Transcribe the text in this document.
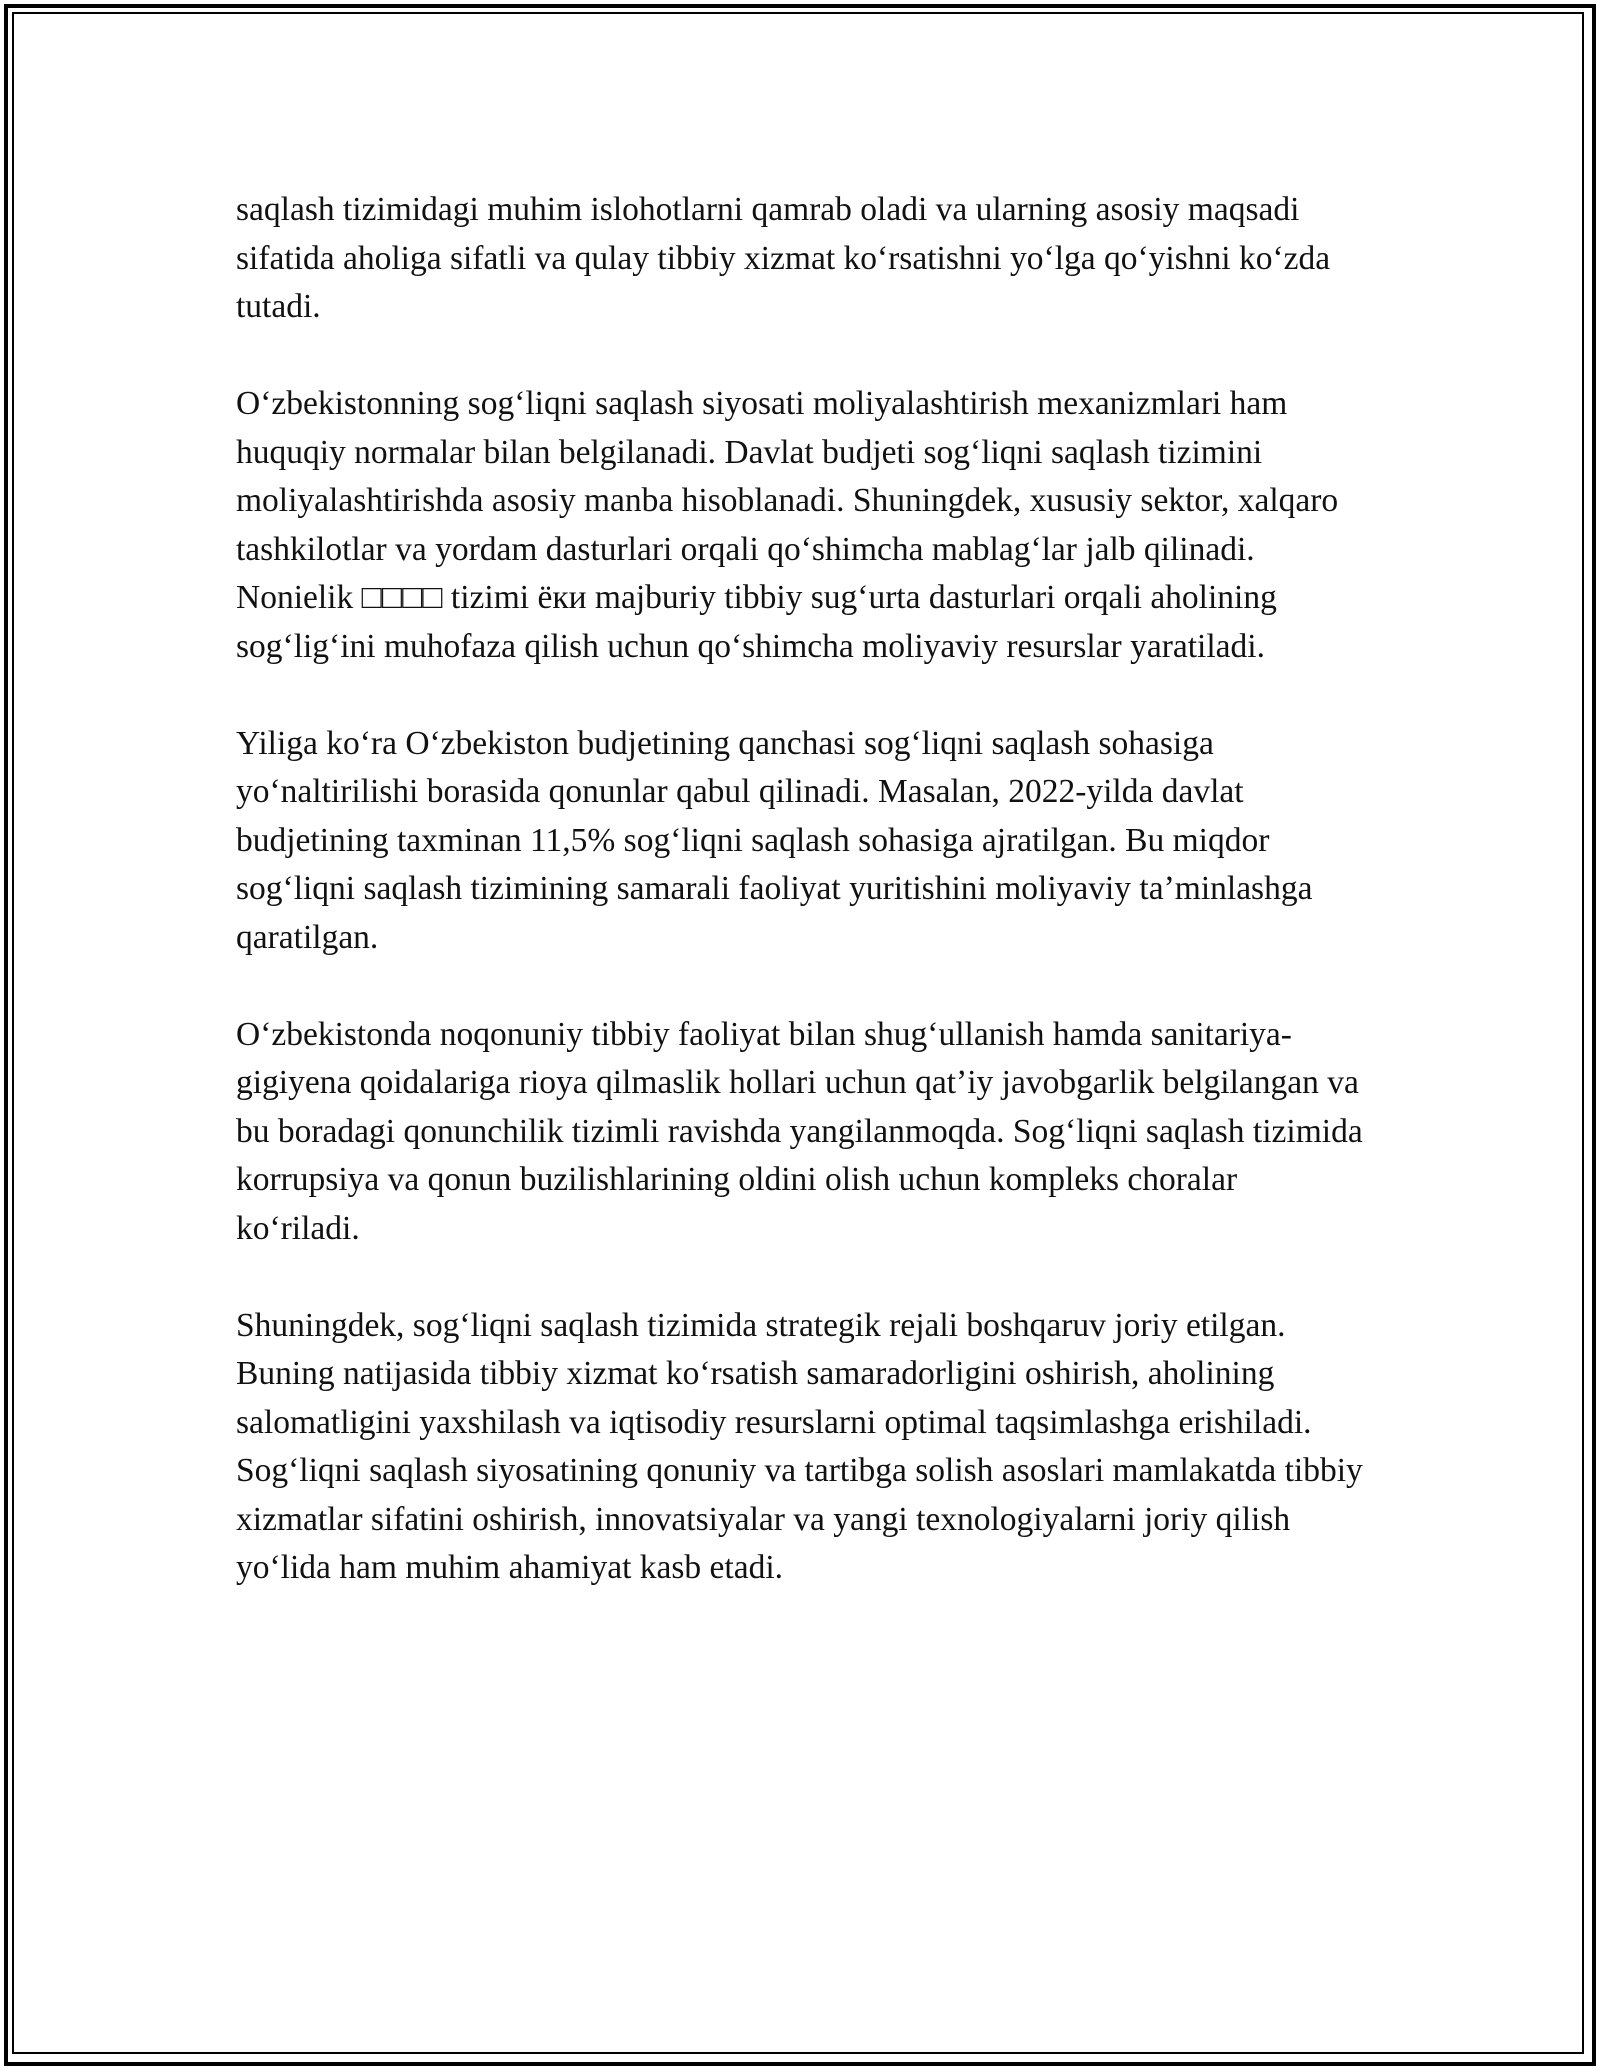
saqlash tizimidagi muhim islohotlarni qamrab oladi va ularning asosiy maqsadi sifatida aholiga sifatli va qulay tibbiy xizmat koʻrsatishni yoʻlga qoʻyishni koʻzda tutadi.

Oʻzbekistonning sogʻliqni saqlash siyosati moliyalashtirish mexanizmlari ham huquqiy normalar bilan belgilanadi. Davlat budjeti sogʻliqni saqlash tizimini moliyalashtirishda asosiy manba hisoblanadi. Shuningdek, xususiy sektor, xalqaro tashkilotlar va yordam dasturlari orqali qoʻshimcha mablagʻlar jalb qilinadi. Nonielik □□□□ tizimi ёки majburiy tibbiy sugʻurta dasturlari orqali aholining sogʻligʻini muhofaza qilish uchun qoʻshimcha moliyaviy resurslar yaratiladi.

Yiliga koʻra Oʻzbekiston budjetining qanchasi sogʻliqni saqlash sohasiga yoʻnaltirilishi borasida qonunlar qabul qilinadi. Masalan, 2022-yilda davlat budjetining taxminan 11,5% sogʻliqni saqlash sohasiga ajratilgan. Bu miqdor sogʻliqni saqlash tizimining samarali faoliyat yuritishini moliyaviy taʼminlashga qaratilgan.

Oʻzbekistonda noqonuniy tibbiy faoliyat bilan shugʻullanish hamda sanitariya-gigiyena qoidalariga rioya qilmaslik hollari uchun qatʼiy javobgarlik belgilangan va bu boradagi qonunchilik tizimli ravishda yangilanmoqda. Sogʻliqni saqlash tizimida korrupsiya va qonun buzilishlarining oldini olish uchun kompleks choralar koʻriladi.

Shuningdek, sogʻliqni saqlash tizimida strategik rejali boshqaruv joriy etilgan. Buning natijasida tibbiy xizmat koʻrsatish samaradorligini oshirish, aholining salomatligini yaxshilash va iqtisodiy resurslarni optimal taqsimlashga erishiladi. Sogʻliqni saqlash siyosatining qonuniy va tartibga solish asoslari mamlakatda tibbiy xizmatlar sifatini oshirish, innovatsiyalar va yangi texnologiyalarni joriy qilish yoʻlida ham muhim ahamiyat kasb etadi.
